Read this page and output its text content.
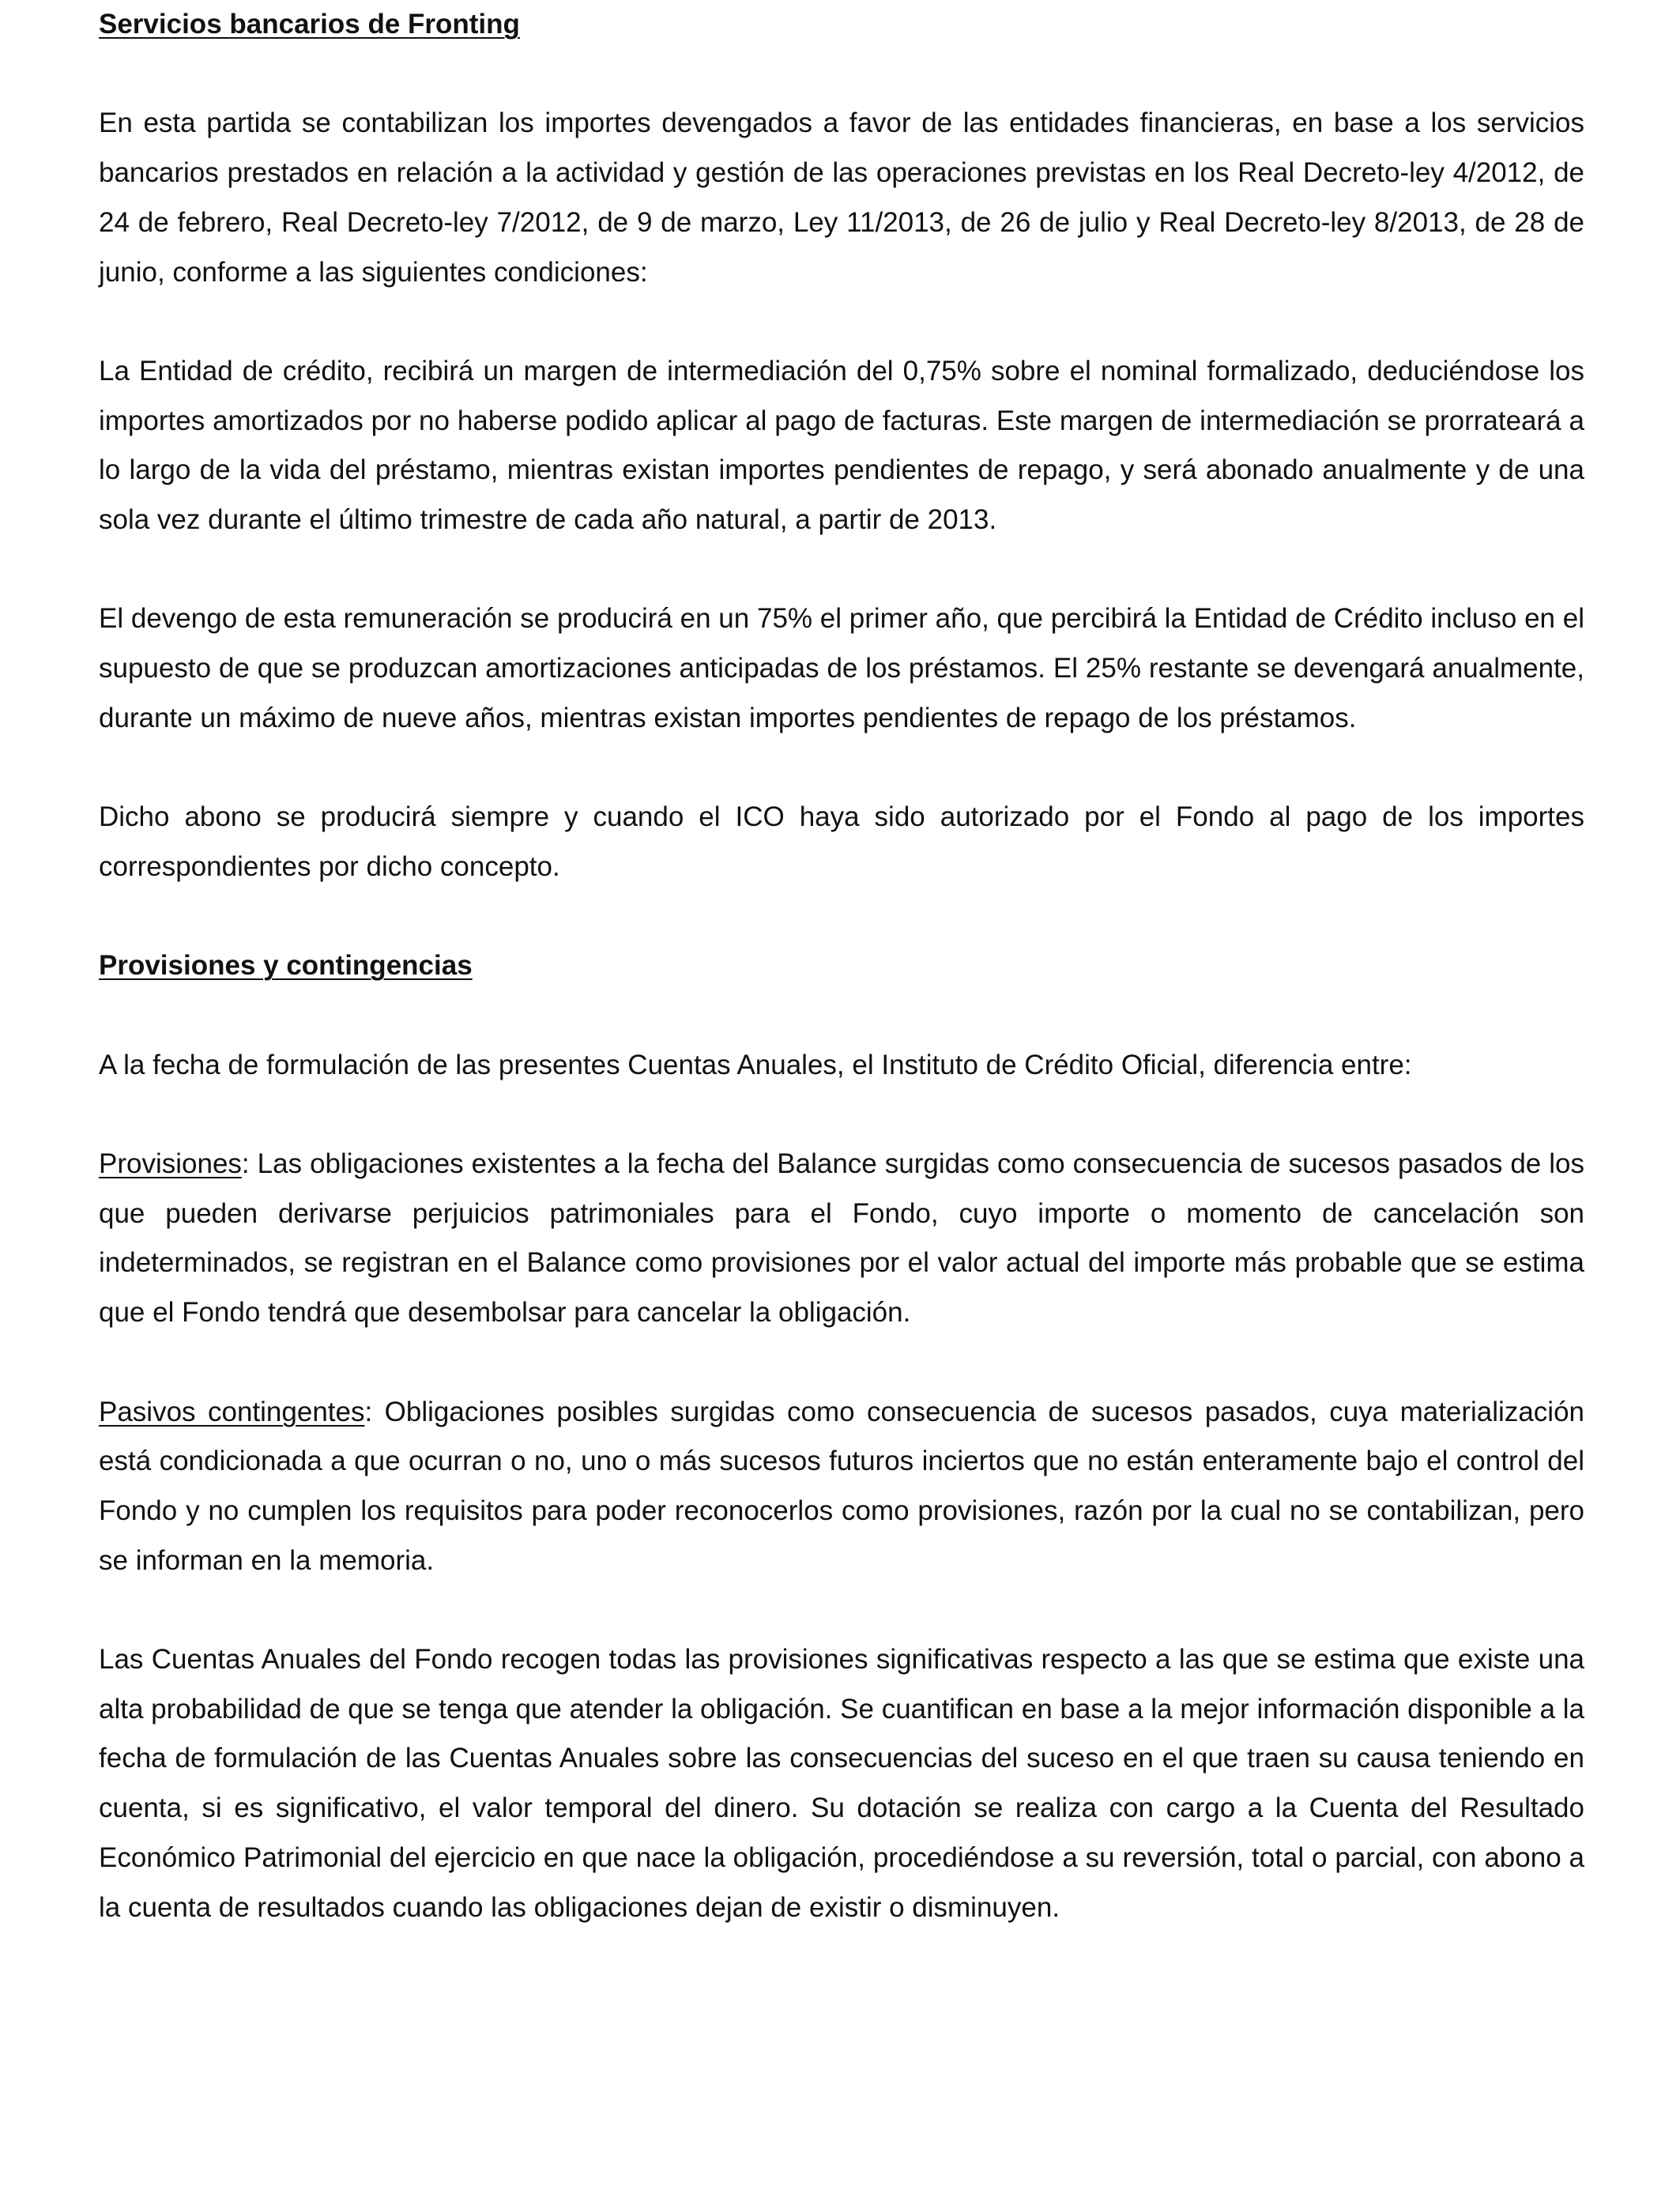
Servicios bancarios de Fronting

En esta partida se contabilizan los importes devengados a favor de las entidades financieras, en base a los servicios bancarios prestados en relación a la actividad y gestión de las operaciones previstas en los Real Decreto-ley 4/2012, de 24 de febrero, Real Decreto-ley 7/2012, de 9 de marzo, Ley 11/2013, de 26 de julio y Real Decreto-ley 8/2013, de 28 de junio, conforme a las siguientes condiciones:

La Entidad de crédito, recibirá un margen de intermediación del 0,75% sobre el nominal formalizado, deduciéndose los importes amortizados por no haberse podido aplicar al pago de facturas. Este margen de intermediación se prorrateará a lo largo de la vida del préstamo, mientras existan importes pendientes de repago, y será abonado anualmente y de una sola vez durante el último trimestre de cada año natural, a partir de 2013.

El devengo de esta remuneración se producirá en un 75% el primer año, que percibirá la Entidad de Crédito incluso en el supuesto de que se produzcan amortizaciones anticipadas de los préstamos. El 25% restante se devengará anualmente, durante un máximo de nueve años, mientras existan importes pendientes de repago de los préstamos.

Dicho abono se producirá siempre y cuando el ICO haya sido autorizado por el Fondo al pago de los importes correspondientes por dicho concepto.

Provisiones y contingencias

A la fecha de formulación de las presentes Cuentas Anuales, el Instituto de Crédito Oficial, diferencia entre:

Provisiones: Las obligaciones existentes a la fecha del Balance surgidas como consecuencia de sucesos pasados de los que pueden derivarse perjuicios patrimoniales para el Fondo, cuyo importe o momento de cancelación son indeterminados, se registran en el Balance como provisiones por el valor actual del importe más probable que se estima que el Fondo tendrá que desembolsar para cancelar la obligación.

Pasivos contingentes: Obligaciones posibles surgidas como consecuencia de sucesos pasados, cuya materialización está condicionada a que ocurran o no, uno o más sucesos futuros inciertos que no están enteramente bajo el control del Fondo y no cumplen los requisitos para poder reconocerlos como provisiones, razón por la cual no se contabilizan, pero se informan en la memoria.

Las Cuentas Anuales del Fondo recogen todas las provisiones significativas respecto a las que se estima que existe una alta probabilidad de que se tenga que atender la obligación. Se cuantifican en base a la mejor información disponible a la fecha de formulación de las Cuentas Anuales sobre las consecuencias del suceso en el que traen su causa teniendo en cuenta, si es significativo, el valor temporal del dinero. Su dotación se realiza con cargo a la Cuenta del Resultado Económico Patrimonial del ejercicio en que nace la obligación, procediéndose a su reversión, total o parcial, con abono a la cuenta de resultados cuando las obligaciones dejan de existir o disminuyen.
